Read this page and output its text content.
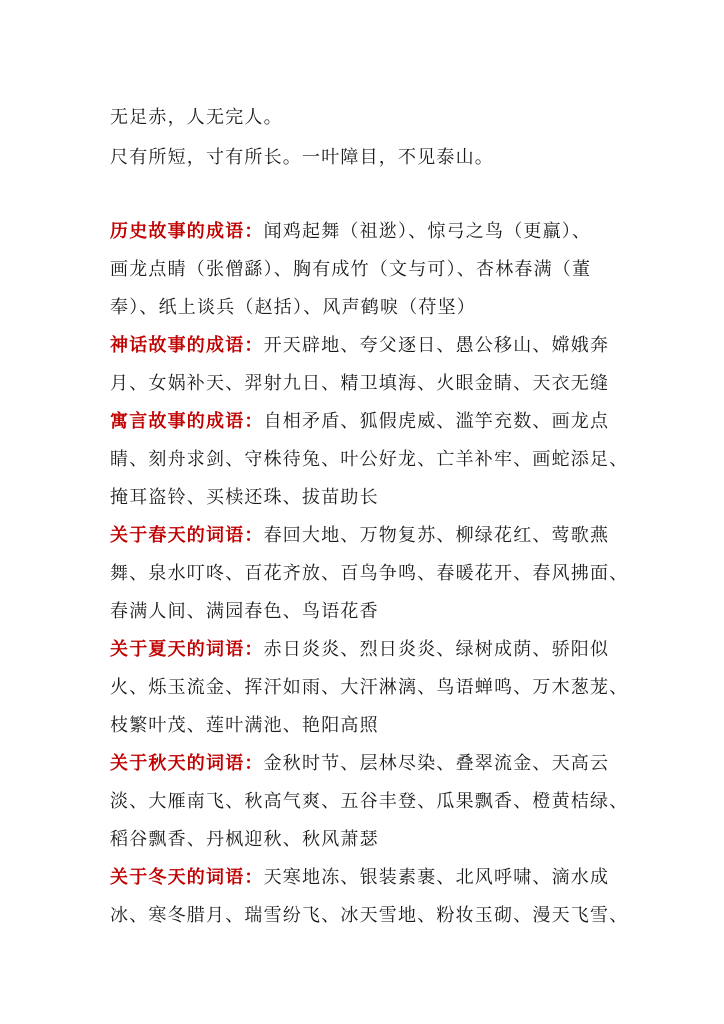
无足赤，人无完人。
尺有所短，寸有所长。一叶障目，不见泰山。
历史故事的成语：闻鸡起舞（祖逖）、惊弓之鸟（更羸）、
画龙点睛（张僧繇）、胸有成竹（文与可）、杏林春满（董
奉）、纸上谈兵（赵括）、风声鹤唳（苻坚）
神话故事的成语：开天辟地、夸父逐日、愚公移山、嫦娥奔
月、女娲补天、羿射九日、精卫填海、火眼金睛、天衣无缝
寓言故事的成语：自相矛盾、狐假虎威、滥竽充数、画龙点
睛、刻舟求剑、守株待兔、叶公好龙、亡羊补牢、画蛇添足、
掩耳盗铃、买椟还珠、拔苗助长
关于春天的词语：春回大地、万物复苏、柳绿花红、莺歌燕
舞、泉水叮咚、百花齐放、百鸟争鸣、春暖花开、春风拂面、
春满人间、满园春色、鸟语花香
关于夏天的词语：赤日炎炎、烈日炎炎、绿树成荫、骄阳似
火、烁玉流金、挥汗如雨、大汗淋漓、鸟语蝉鸣、万木葱茏、
枝繁叶茂、莲叶满池、艳阳高照
关于秋天的词语：金秋时节、层林尽染、叠翠流金、天高云
淡、大雁南飞、秋高气爽、五谷丰登、瓜果飘香、橙黄桔绿、
稻谷飘香、丹枫迎秋、秋风萧瑟
关于冬天的词语：天寒地冻、银装素裹、北风呼啸、滴水成
冰、寒冬腊月、瑞雪纷飞、冰天雪地、粉妆玉砌、漫天飞雪、
